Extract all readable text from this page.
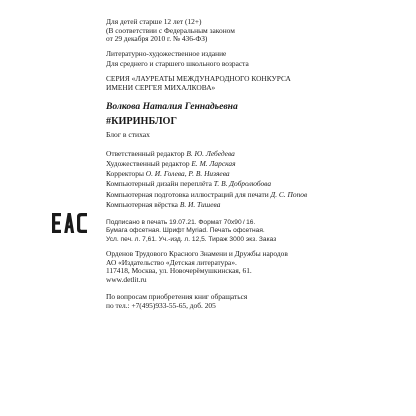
Для детей старше 12 лет (12+)
(В соответствии с Федеральным законом
от 29 декабря 2010 г. № 436-ФЗ)
Литературно-художественное издание
Для среднего и старшего школьного возраста
СЕРИЯ «ЛАУРЕАТЫ МЕЖДУНАРОДНОГО КОНКУРСА
ИМЕНИ СЕРГЕЯ МИХАЛКОВА»
Волкова Наталия Геннадьевна
#КИРИНБЛОГ
Блог в стихах
Ответственный редактор В. Ю. Лебедева
Художественный редактор Е. М. Ларская
Корректоры О. И. Голева, Р. В. Низяева
Компьютерный дизайн переплёта Т. В. Добролюбова
Компьютерная подготовка иллюстраций для печати Д. С. Попов
Компьютерная вёрстка В. И. Тишева
Подписано в печать 19.07.21. Формат 70х90 / 16.
Бумага офсетная. Шрифт Myriad. Печать офсетная.
Усл. печ. л. 7,61. Уч.-изд. л. 12,5. Тираж 3000 экз. Заказ
Орденов Трудового Красного Знамени и Дружбы народов
АО «Издательство «Детская литература».
117418, Москва, ул. Новочерёмушкинская, 61.
www.detlit.ru
По вопросам приобретения книг обращаться
по тел.: +7(495)933-55-65, доб. 205
